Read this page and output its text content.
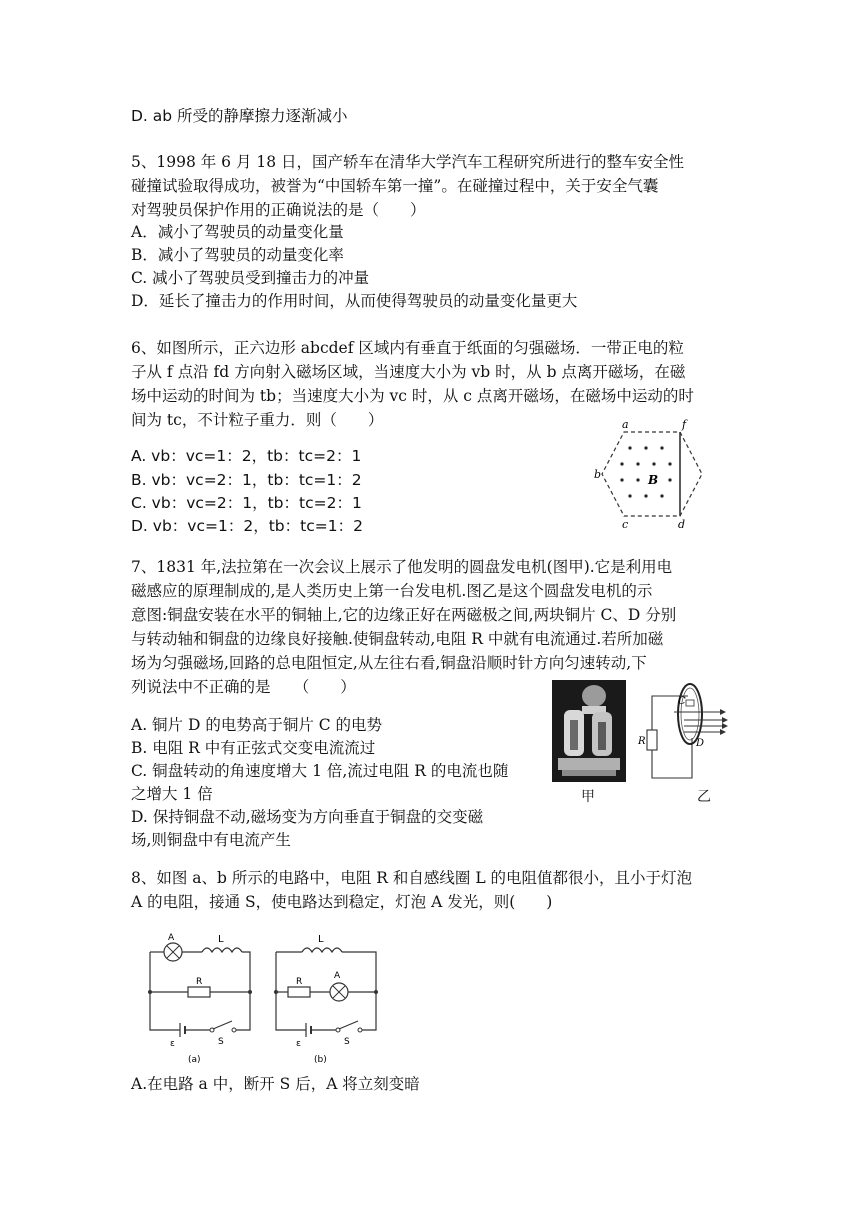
D. ab 所受的静摩擦力逐渐减小
5、1998 年 6 月 18 日，国产轿车在清华大学汽车工程研究所进行的整车安全性
碰撞试验取得成功，被誉为“中国轿车第一撞”。在碰撞过程中，关于安全气囊
对驾驶员保护作用的正确说法的是（　　）
A．减小了驾驶员的动量变化量
B．减小了驾驶员的动量变化率
C. 减小了驾驶员受到撞击力的冲量
D．延长了撞击力的作用时间，从而使得驾驶员的动量变化量更大
6、如图所示，正六边形 abcdef 区域内有垂直于纸面的匀强磁场．一带正电的粒
子从 f 点沿 fd 方向射入磁场区域，当速度大小为 vb 时，从 b 点离开磁场，在磁
场中运动的时间为 tb；当速度大小为 vc 时，从 c 点离开磁场，在磁场中运动的时
间为 tc，不计粒子重力．则（　　）
A. vb：vc=1：2，tb：tc=2：1
B. vb：vc=2：1，tb：tc=1：2
C. vb：vc=2：1，tb：tc=2：1
D. vb：vc=1：2，tb：tc=1：2
a	f
b
c	d
B
7、1831 年,法拉第在一次会议上展示了他发明的圆盘发电机(图甲).它是利用电
磁感应的原理制成的,是人类历史上第一台发电机.图乙是这个圆盘发电机的示
意图:铜盘安装在水平的铜轴上,它的边缘正好在两磁极之间,两块铜片 C、D 分别
与转动轴和铜盘的边缘良好接触.使铜盘转动,电阻 R 中就有电流通过.若所加磁
场为匀强磁场,回路的总电阻恒定,从左往右看,铜盘沿顺时针方向匀速转动,下
列说法中不正确的是　　（　　）
A. 铜片 D 的电势高于铜片 C 的电势
B. 电阻 R 中有正弦式交变电流流过
C. 铜盘转动的角速度增大 1 倍,流过电阻 R 的电流也随
之增大 1 倍
D. 保持铜盘不动,磁场变为方向垂直于铜盘的交变磁
场,则铜盘中有电流产生
甲
R
C
D
乙
8、如图 a、b 所示的电路中，电阻 R 和自感线圈 L 的电阻值都很小，且小于灯泡
A 的电阻，接通 S，使电路达到稳定，灯泡 A 发光，则(　　)
A	L
R
ε	S
(a)
L
R
A
ε	S
(b)
A.在电路 a 中，断开 S 后，A 将立刻变暗
